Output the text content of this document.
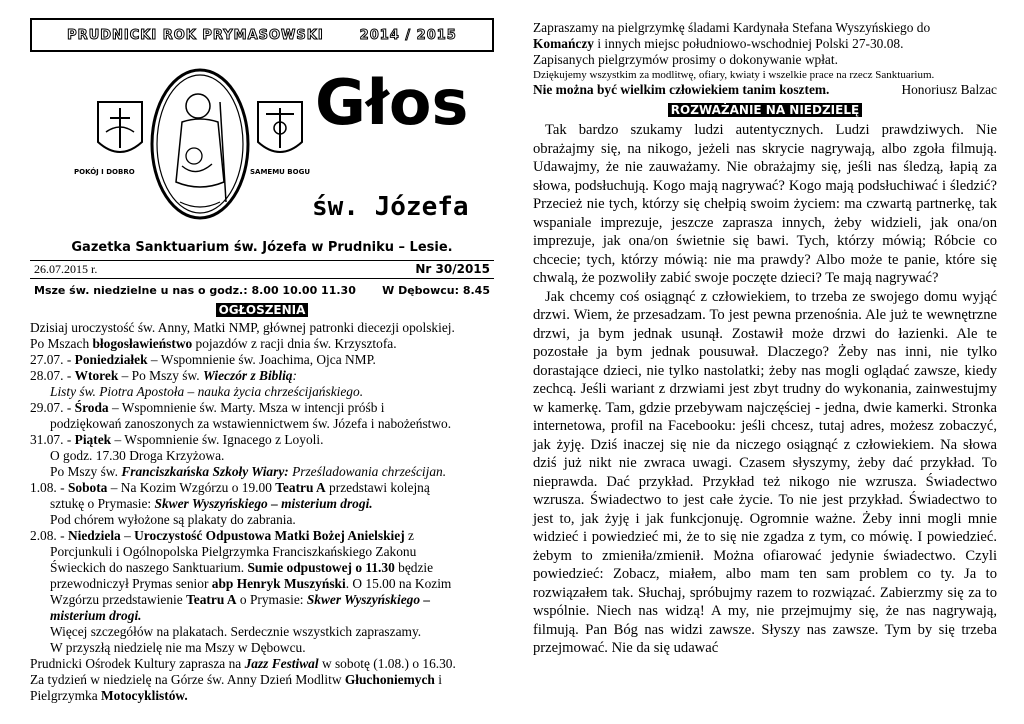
PRUDNICKI ROK PRYMASOWSKI	2014 / 2015
POKÓJ I DOBRO	SAMEMU BOGU
Głos
św. Józefa
Gazetka Sanktuarium św. Józefa w Prudniku – Lesie.
26.07.2015 r.	Nr 30/2015
Msze św. niedzielne u nas o godz.: 8.00 10.00 11.30 W Dębowcu: 8.45
OGŁOSZENIA

Dzisiaj uroczystość św. Anny, Matki NMP, głównej patronki diecezji opolskiej.

Po Mszach błogosławieństwo pojazdów z racji dnia św. Krzysztofa.

27.07. - Poniedziałek – Wspomnienie św. Joachima, Ojca NMP.

28.07. - Wtorek – Po Mszy św. Wieczór z Biblią:

Listy św. Piotra Apostoła – nauka życia chrześcijańskiego.

29.07. - Środa – Wspomnienie św. Marty. Msza w intencji próśb i

podziękowań zanoszonych za wstawiennictwem św. Józefa i nabożeństwo.

31.07. - Piątek – Wspomnienie św. Ignacego z Loyoli.

O godz. 17.30 Droga Krzyżowa.

Po Mszy św. Franciszkańska Szkoły Wiary: Prześladowania chrześcijan.

1.08. - Sobota – Na Kozim Wzgórzu o 19.00 Teatru A przedstawi kolejną

sztukę o Prymasie: Skwer Wyszyńskiego – misterium drogi.

Pod chórem wyłożone są plakaty do zabrania.

2.08. - Niedziela – Uroczystość Odpustowa Matki Bożej Anielskiej z

Porcjunkuli i Ogólnopolska Pielgrzymka Franciszkańskiego Zakonu

Świeckich do naszego Sanktuarium. Sumie odpustowej o 11.30 będzie

przewodniczył Prymas senior abp Henryk Muszyński. O 15.00 na Kozim

Wzgórzu przedstawienie Teatru A o Prymasie: Skwer Wyszyńskiego –

misterium drogi.

Więcej szczegółów na plakatach. Serdecznie wszystkich zapraszamy.

W przyszłą niedzielę nie ma Mszy w Dębowcu.

Prudnicki Ośrodek Kultury zaprasza na Jazz Festiwal w sobotę (1.08.) o 16.30.

Za tydzień w niedzielę na Górze św. Anny Dzień Modlitw Głuchoniemych i

Pielgrzymka Motocyklistów.

Zapraszamy na pielgrzymkę śladami Kardynała Stefana Wyszyńskiego do

Komańczy i innych miejsc południowo-wschodniej Polski 27-30.08.

Zapisanych pielgrzymów prosimy o dokonywanie wpłat.

Dziękujemy wszystkim za modlitwę, ofiary, kwiaty i wszelkie prace na rzecz Sanktuarium.
Nie można być wielkim człowiekiem tanim kosztem.	Honoriusz Balzac
ROZWAŻANIE NA NIEDZIELĘ

Tak bardzo szukamy ludzi autentycznych. Ludzi prawdziwych. Nie obrażajmy się, na nikogo, jeżeli nas skrycie nagrywają, albo zgoła filmują. Udawajmy, że nie zauważamy. Nie obrażajmy się, jeśli nas śledzą, łapią za słowa, podsłuchują. Kogo mają nagrywać? Kogo mają podsłuchiwać i śledzić? Przecież nie tych, którzy się chełpią swoim życiem: ma czwartą partnerkę, tak wspaniale imprezuje, jeszcze zaprasza innych, żeby widzieli, jak ona/on imprezuje, jak ona/on świetnie się bawi. Tych, którzy mówią; Róbcie co chcecie; tych, którzy mówią: nie ma prawdy? Albo może te panie, które się chwalą, że pozwoliły zabić swoje poczęte dzieci? Te mają nagrywać?

Jak chcemy coś osiągnąć z człowiekiem, to trzeba ze swojego domu wyjąć drzwi. Wiem, że przesadzam. To jest pewna przenośnia. Ale już te wewnętrzne drzwi, ja bym jednak usunął. Zostawił może drzwi do łazienki. Ale te pozostałe ja bym jednak pousuwał. Dlaczego? Żeby nas inni, nie tylko dorastające dzieci, nie tylko nastolatki; żeby nas mogli oglądać zawsze, kiedy zechcą. Jeśli wariant z drzwiami jest zbyt trudny do wykonania, zainwestujmy w kamerkę. Tam, gdzie przebywam najczęściej - jedna, dwie kamerki. Stronka internetowa, profil na Facebooku: jeśli chcesz, tutaj adres, możesz zobaczyć, jak żyję. Dziś inaczej się nie da niczego osiągnąć z człowiekiem. Na słowa dziś już nikt nie zwraca uwagi. Czasem słyszymy, żeby dać przykład. To nieprawda. Dać przykład. Przykład też nikogo nie wzrusza. Świadectwo wzrusza. Świadectwo to jest całe życie. To nie jest przykład. Świadectwo to jest to, jak żyję i jak funkcjonuję. Ogromnie ważne. Żeby inni mogli mnie widzieć i powiedzieć mi, że to się nie zgadza z tym, co mówię. I powiedzieć. żebym to zmieniła/zmienił. Można ofiarować jedynie świadectwo. Czyli powiedzieć: Zobacz, miałem, albo mam ten sam problem co ty. Ja to rozwiązałem tak. Słuchaj, spróbujmy razem to rozwiązać. Zabierzmy się za to wspólnie. Niech nas widzą! A my, nie przejmujmy się, że nas nagrywają, filmują. Pan Bóg nas widzi zawsze. Słyszy nas zawsze. Tym by się trzeba przejmować. Nie da się udawać
